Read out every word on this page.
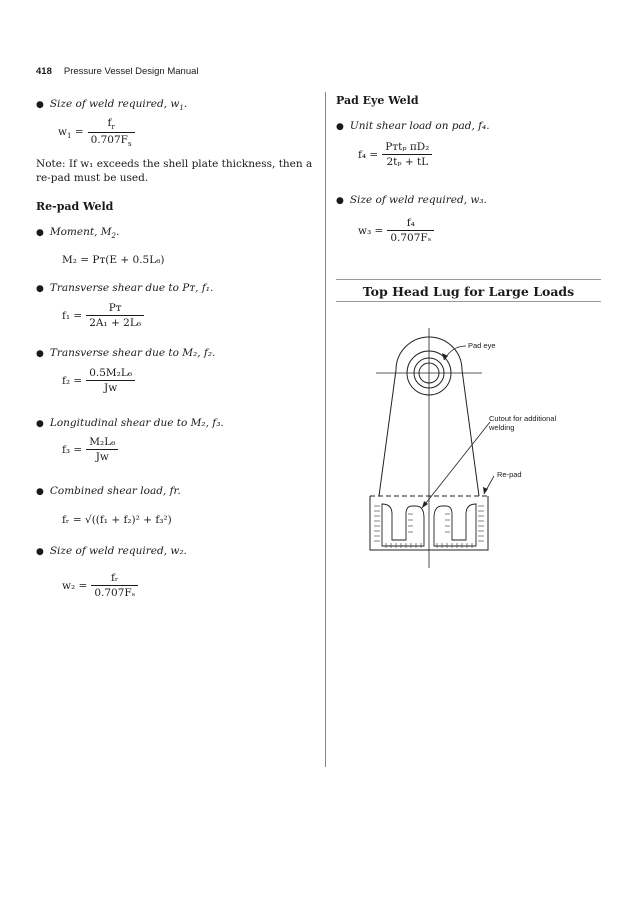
418 Pressure Vessel Design Manual
● Size of weld required, $w_1$.
$w_1 = \frac{f_r}{0.707F_s}$
Note: If w₁ exceeds the shell plate thickness, then a re-pad must be used.
Re-pad Weld
● Moment, $M_2$.
M₂ = Pᴛ(E + 0.5L₆)
● Transverse shear due to Pᴛ, f₁.
$f_1 = \frac{\text{Pᴛ}}{\text{2A₁ + 2L₆}}$
● Transverse shear due to M₂, f₂.
$f_2 = \frac{\text{0.5M₂L₆}}{Jw}$
● Longitudinal shear due to M₂, f₃.
$f_3 = \frac{\text{M₂L₆}}{Jw}$
● Combined shear load, fr.
fᵣ = √((f₁ + f₂)² + f₃²)
● Size of weld required, w₂.
$w_2 = \frac{\text{fᵣ}}{\text{0.707Fₛ}}$
Pad Eye Weld
● Unit shear load on pad, f₄.
$f_4 = \frac{\text{Pᴛtₚ πD₂}}{\text{2tₚ + tL}}$
● Size of weld required, w₃.
$w_3 = \frac{\text{f₄}}{\text{0.707Fₛ}}$
Top Head Lug for Large Loads
Pad eye
Cutout for additional
welding
Re-pad
